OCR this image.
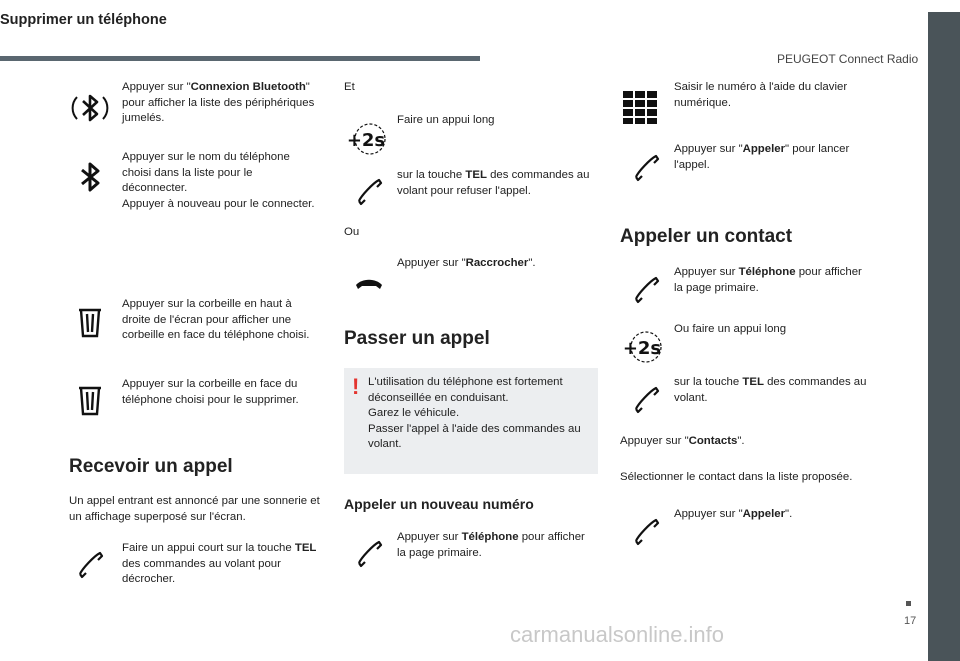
PEUGEOT Connect Radio
Appuyer sur "Connexion Bluetooth" pour afficher la liste des périphériques jumelés.
Appuyer sur le nom du téléphone choisi dans la liste pour le déconnecter.
Appuyer à nouveau pour le connecter.
Supprimer un téléphone
Appuyer sur la corbeille en haut à droite de l'écran pour afficher une corbeille en face du téléphone choisi.
Appuyer sur la corbeille en face du téléphone choisi pour le supprimer.
Recevoir un appel
Un appel entrant est annoncé par une sonnerie et un affichage superposé sur l'écran.
Faire un appui court sur la touche TEL des commandes au volant pour décrocher.
Et
+2s
Faire un appui long
sur la touche TEL des commandes au volant pour refuser l'appel.
Ou
Appuyer sur "Raccrocher".
Passer un appel
! L'utilisation du téléphone est fortement déconseillée en conduisant.
Garez le véhicule.
Passer l'appel à l'aide des commandes au volant.
Appeler un nouveau numéro
Appuyer sur Téléphone pour afficher la page primaire.
Saisir le numéro à l'aide du clavier numérique.
Appuyer sur "Appeler" pour lancer l'appel.
Appeler un contact
Appuyer sur Téléphone pour afficher la page primaire.
+2s
Ou faire un appui long
sur la touche TEL des commandes au volant.
Appuyer sur "Contacts".
Sélectionner le contact dans la liste proposée.
Appuyer sur "Appeler".
17
carmanualsonline.info
